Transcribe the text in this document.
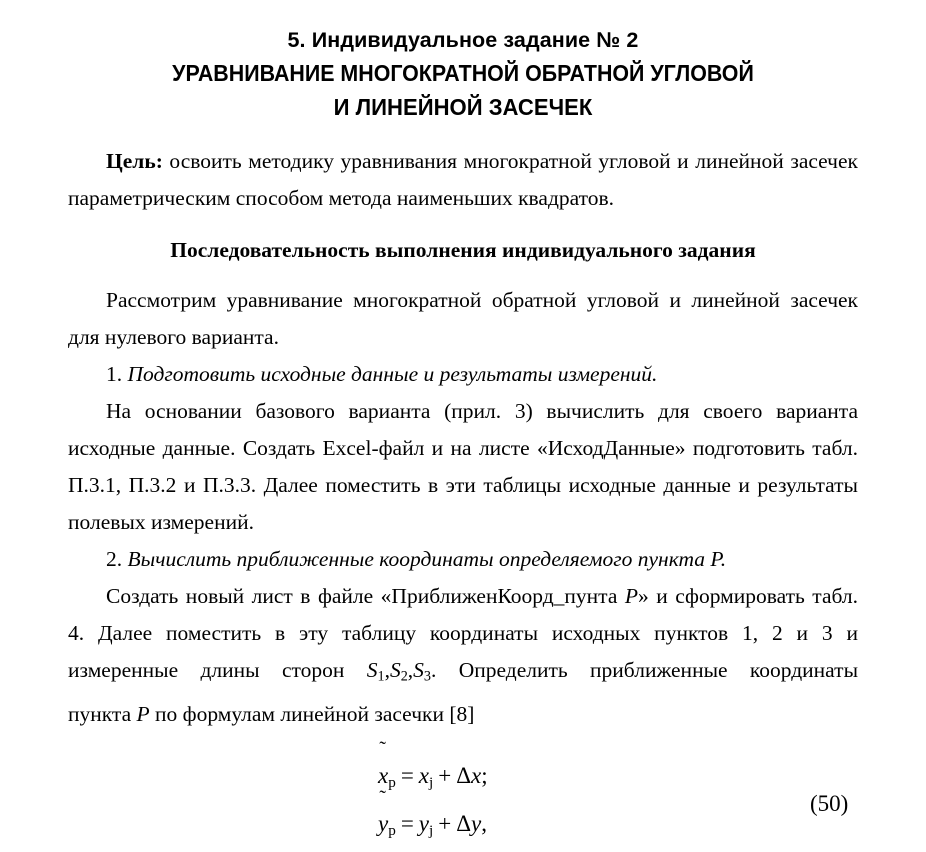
5. Индивидуальное задание № 2
УРАВНИВАНИЕ МНОГОКРАТНОЙ ОБРАТНОЙ УГЛОВОЙ
И ЛИНЕЙНОЙ ЗАСЕЧЕК

Цель: освоить методику уравнивания многократной угловой и линейной засечек параметрическим способом метода наименьших квадратов.

Последовательность выполнения индивидуального задания

Рассмотрим уравнивание многократной обратной угловой и линейной засечек для нулевого варианта.

1. Подготовить исходные данные и результаты измерений.

На основании базового варианта (прил. 3) вычислить для своего варианта исходные данные. Создать Excel-файл и на листе «ИсходДанные» подготовить табл. П.3.1, П.3.2 и П.3.3. Далее поместить в эти таблицы исходные данные и результаты полевых измерений.

2. Вычислить приближенные координаты определяемого пункта P.

Создать новый лист в файле «ПриближенКоорд_пунта P» и сформировать табл. 4. Далее поместить в эту таблицу координаты исходных пунктов 1, 2 и 3 и измеренные длины сторон $S_1,S_2,S_3$. Определить приближенные координаты пункта P по формулам линейной засечки [8]

˜
$x_p = x_j + \Delta x$;
˜
$y_p = y_j + \Delta y$,
(50)
